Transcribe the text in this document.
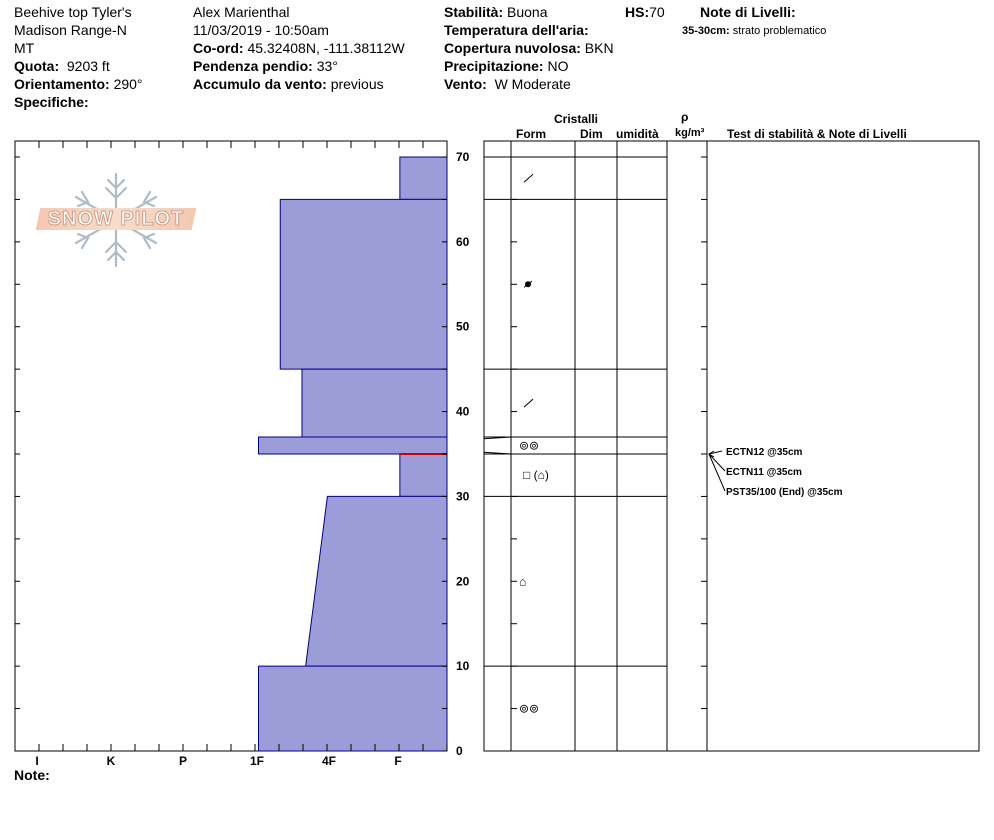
Beehive top Tyler's
Madison Range-N
MT
Quota: 9203 ft
Orientamento: 290°
Specifiche:
Alex Marienthal
11/03/2019 - 10:50am
Co-ord: 45.32408N, -111.38112W
Pendenza pendio: 33°
Accumulo da vento: previous
Stabilità: Buona
Temperatura dell'aria:
Copertura nuvolosa: BKN
Precipitazione: NO
Vento: W Moderate
HS:70	Note di Livelli:
35-30cm: strato problematico
Cristalli
Form	Dim umidità
ρ
kg/m³ Test di stabilità & Note di Livelli
SNOW PILOT
I	K	P	1F	4F	F
0
10
20
30
40
50
60
70
⊚⊚
□ (⌂)
⌂
⊚⊚
ECTN12 @35cm
ECTN11 @35cm
PST35/100 (End) @35cm
Note:
